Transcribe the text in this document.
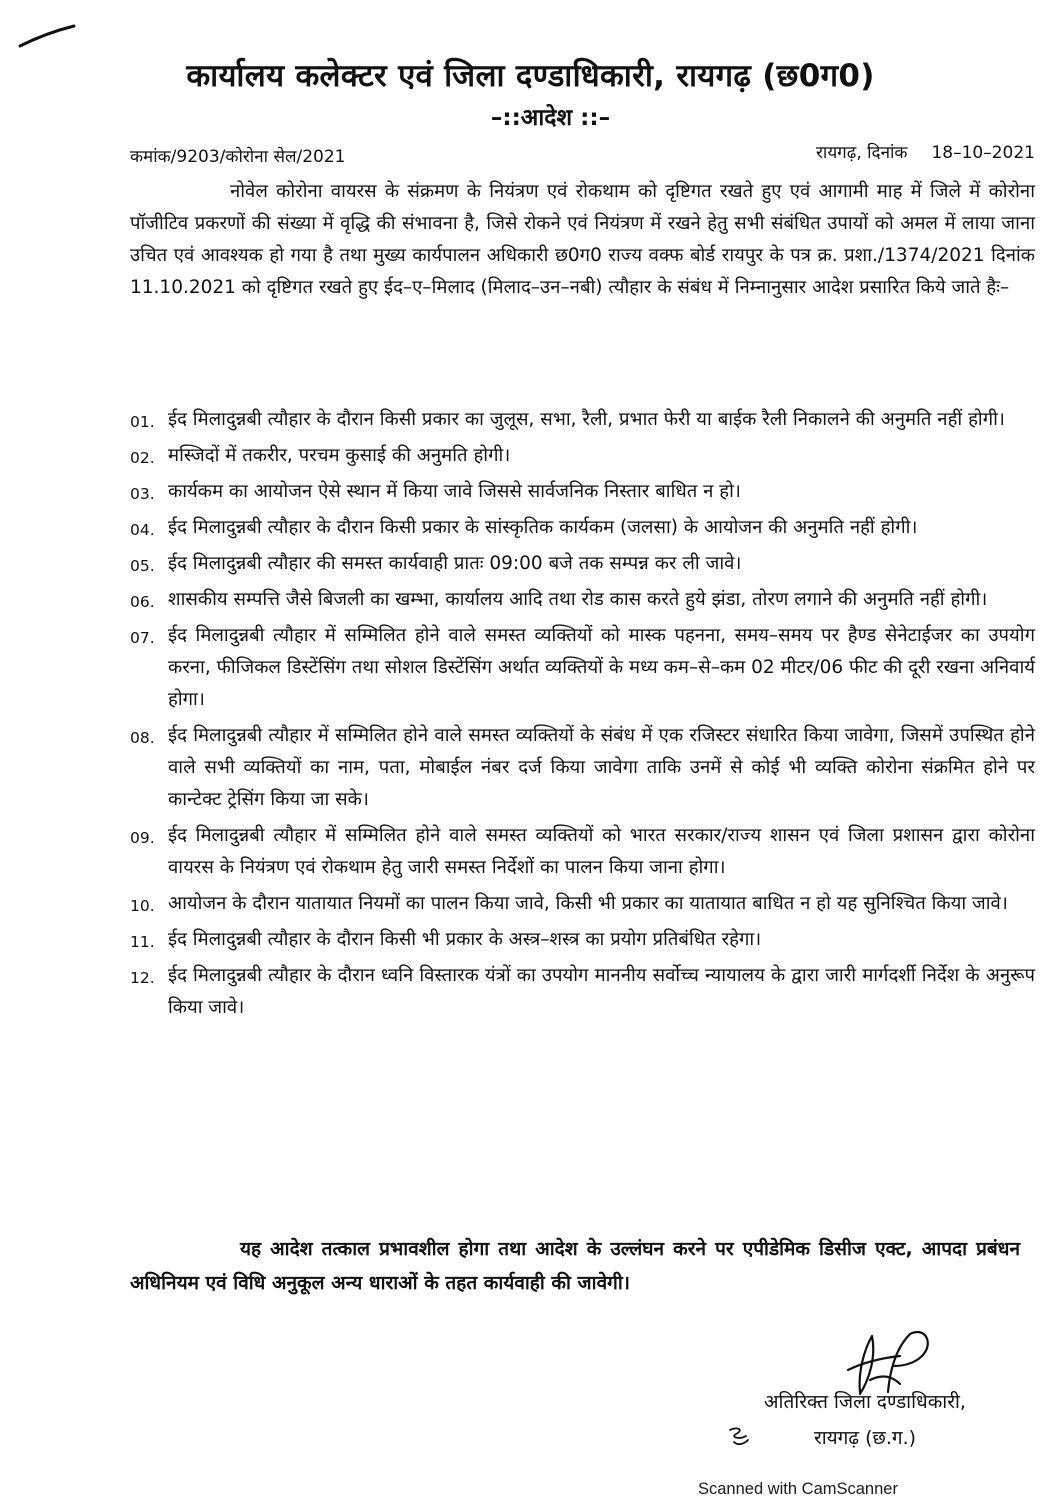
कार्यालय कलेक्टर एवं जिला दण्डाधिकारी, रायगढ़ (छ0ग0)
–::आदेश ::–
कमांक/9203/कोरोना सेल/2021	रायगढ़, दिनांक 18–10–2021
नोवेल कोरोना वायरस के संक्रमण के नियंत्रण एवं रोकथाम को दृष्टिगत रखते हुए एवं आगामी माह में जिले में कोरोना पॉजीटिव प्रकरणों की संख्या में वृद्धि की संभावना है, जिसे रोकने एवं नियंत्रण में रखने हेतु सभी संबंधित उपायों को अमल में लाया जाना उचित एवं आवश्यक हो गया है तथा मुख्य कार्यपालन अधिकारी छ0ग0 राज्य वक्फ बोर्ड रायपुर के पत्र क्र. प्रशा./1374/2021 दिनांक 11.10.2021 को दृष्टिगत रखते हुए ईद–ए–मिलाद (मिलाद–उन–नबी) त्यौहार के संबंध में निम्नानुसार आदेश प्रसारित किये जाते हैः–
01. ईद मिलादुन्नबी त्यौहार के दौरान किसी प्रकार का जुलूस, सभा, रैली, प्रभात फेरी या बाईक रैली निकालने की अनुमति नहीं होगी।
02. मस्जिदों में तकरीर, परचम कुसाई की अनुमति होगी।
03. कार्यकम का आयोजन ऐसे स्थान में किया जावे जिससे सार्वजनिक निस्तार बाधित न हो।
04. ईद मिलादुन्नबी त्यौहार के दौरान किसी प्रकार के सांस्कृतिक कार्यकम (जलसा) के आयोजन की अनुमति नहीं होगी।
05. ईद मिलादुन्नबी त्यौहार की समस्त कार्यवाही प्रातः 09:00 बजे तक सम्पन्न कर ली जावे।
06. शासकीय सम्पत्ति जैसे बिजली का खम्भा, कार्यालय आदि तथा रोड कास करते हुये झंडा, तोरण लगाने की अनुमति नहीं होगी।
07. ईद मिलादुन्नबी त्यौहार में सम्मिलित होने वाले समस्त व्यक्तियों को मास्क पहनना, समय–समय पर हैण्ड सेनेटाईजर का उपयोग करना, फीजिकल डिस्टेंसिंग तथा सोशल डिस्टेंसिंग अर्थात व्यक्तियों के मध्य कम–से–कम 02 मीटर/06 फीट की दूरी रखना अनिवार्य होगा।
08. ईद मिलादुन्नबी त्यौहार में सम्मिलित होने वाले समस्त व्यक्तियों के संबंध में एक रजिस्टर संधारित किया जावेगा, जिसमें उपस्थित होने वाले सभी व्यक्तियों का नाम, पता, मोबाईल नंबर दर्ज किया जावेगा ताकि उनमें से कोई भी व्यक्ति कोरोना संक्रमित होने पर कान्टेक्ट ट्रेसिंग किया जा सके।
09. ईद मिलादुन्नबी त्यौहार में सम्मिलित होने वाले समस्त व्यक्तियों को भारत सरकार/राज्य शासन एवं जिला प्रशासन द्वारा कोरोना वायरस के नियंत्रण एवं रोकथाम हेतु जारी समस्त निर्देशों का पालन किया जाना होगा।
10. आयोजन के दौरान यातायात नियमों का पालन किया जावे, किसी भी प्रकार का यातायात बाधित न हो यह सुनिश्चित किया जावे।
11. ईद मिलादुन्नबी त्यौहार के दौरान किसी भी प्रकार के अस्त्र–शस्त्र का प्रयोग प्रतिबंधित रहेगा।
12. ईद मिलादुन्नबी त्यौहार के दौरान ध्वनि विस्तारक यंत्रों का उपयोग माननीय सर्वोच्च न्यायालय के द्वारा जारी मार्गदर्शी निर्देश के अनुरूप किया जावे।
यह आदेश तत्काल प्रभावशील होगा तथा आदेश के उल्लंघन करने पर एपीडेमिक डिसीज एक्ट, आपदा प्रबंधन अधिनियम एवं विधि अनुकूल अन्य धाराओं के तहत कार्यवाही की जावेगी।
अतिरिक्त जिला दण्डाधिकारी,
रायगढ़ (छ.ग.)
Scanned with CamScanner
